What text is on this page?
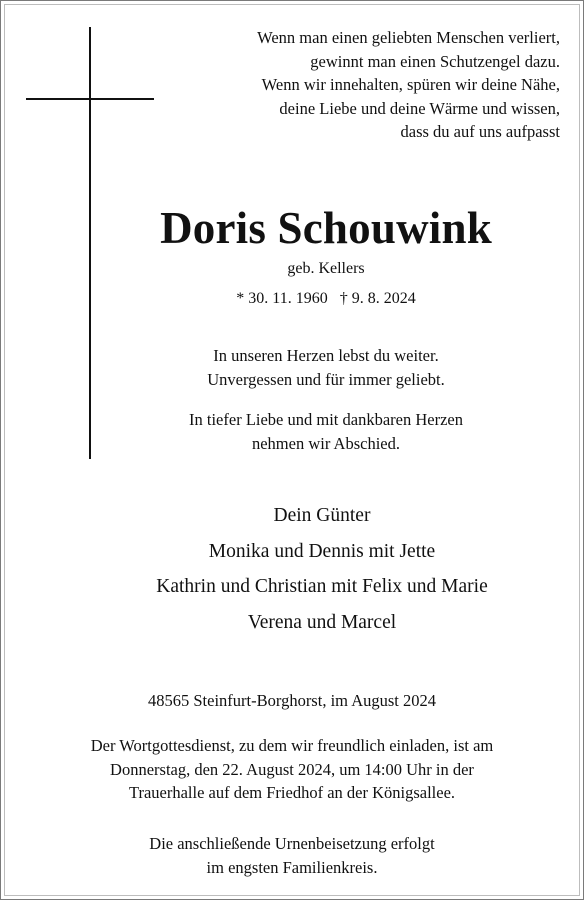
Wenn man einen geliebten Menschen verliert,
gewinnt man einen Schutzengel dazu.
Wenn wir innehalten, spüren wir deine Nähe,
deine Liebe und deine Wärme und wissen,
dass du auf uns aufpasst
Doris Schouwink
geb. Kellers
* 30. 11. 1960 † 9. 8. 2024
In unseren Herzen lebst du weiter.
Unvergessen und für immer geliebt.
In tiefer Liebe und mit dankbaren Herzen
nehmen wir Abschied.
Dein Günter
Monika und Dennis mit Jette
Kathrin und Christian mit Felix und Marie
Verena und Marcel
48565 Steinfurt-Borghorst, im August 2024
Der Wortgottesdienst, zu dem wir freundlich einladen, ist am
Donnerstag, den 22. August 2024, um 14:00 Uhr in der
Trauerhalle auf dem Friedhof an der Königsallee.
Die anschließende Urnenbeisetzung erfolgt
im engsten Familienkreis.
